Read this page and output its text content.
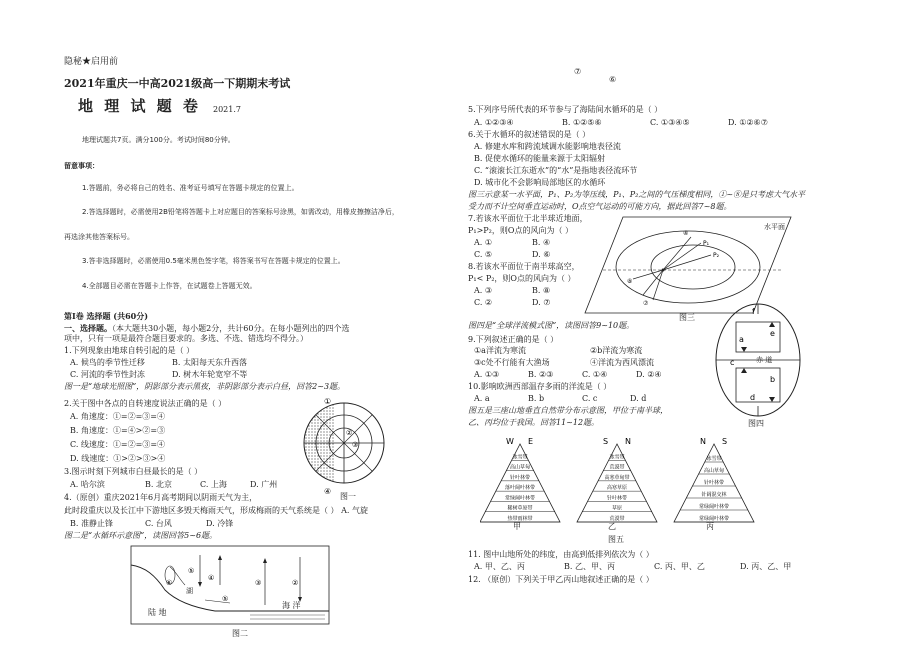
隐秘★启用前
2021年重庆一中高2021级高一下期期末考试
地 理 试 题 卷 2021.7
地理试题共7页。满分100分。考试时间80分钟。
留意事项：
1.答题前，务必将自己的姓名、准考证号填写在答题卡规定的位置上。
2.答选择题时，必需使用2B铅笔将答题卡上对应题目的答案标号涂黑，如需改动，用橡皮擦擦洁净后，
再选涂其他答案标号。
3.答非选择题时，必需使用0.5毫米黑色签字笔，将答案书写在答题卡规定的位置上。
4.全部题目必需在答题卡上作答，在试题卷上答题无效。
第Ⅰ卷 选择题 (共60分)
一、选择题。（本大题共30小题，每小题2分，共计60分。在每小题列出的四个选
项中，只有一项是最符合题目要求的。多选、不选、错选均不得分。）
1.下列现象由地球自转引起的是（ ）
A. 候鸟的季节性迁移	B. 太阳每天东升西落
C. 河流的季节性封冻	D. 树木年轮宽窄不等
图一是“地球光照图”，阴影部分表示黑夜，非阴影部分表示白昼，回答2~3题。
2.关于图中各点的自转速度说法正确的是（ ）
A. 角速度：①=②=③=④
B. 角速度：①=④>②=③
C. 线速度：①=②=③=④
D. 线速度：①>②>③>④
3.图示时刻下列城市白昼最长的是（ ）
A. 哈尔滨	B. 北京	C. 上海	D. 广州
4.（原创）重庆2021年6月高考期间以阴雨天气为主，
此时段重庆以及长江中下游地区多毁天梅雨天气，形成梅雨的天气系统是（ ） A. 气旋
B. 准静止锋	C. 台风	D. 冷锋
图二是“水循环示意图”，读图回答5~6题。
①
②
③
④
图一
⑥
⑤
④
③	②
⑤
湖
陆 地
海 洋
图二
⑦
⑥
5.下列序号所代表的环节参与了海陆间水循环的是（ ）
A. ①②③④	B. ①②⑤⑥	C. ①③④⑤	D. ①②⑥⑦
6.关于水循环的叙述错误的是（ ）
A. 修建水库和跨流域调水能影响地表径流
B. 促使水循环的能量来源于太阳辐射
C. “滚滚长江东逝水”的“水”是指地表径流环节
D. 城市化不会影响局部地区的水循环
图三示意某一水平面，P₁、P₂为等压线，P₁、P₂之间的气压梯度相同，①~⑧是只考虑大气水平
受力而不计空间垂直运动时，O点空气运动的可能方向，据此回答7~8题。
7.若该水平面位于北半球近地面，
P₁>P₂，则O点的风向为（ ）
A. ①	B. ④
C. ⑤	D. ⑥
8.若该水平面位于南半球高空，
P₁< P₂，则O点的风向为（ ）
A. ③	B. ⑧
C. ②	D. ⑦
P₁
P₂
④
⑧
⑦
水平面
图三
图四是“全球洋流模式图”，读图回答9~10题。
9.下列叙述正确的是（ ）
①a洋流为寒流	②b洋流为寒流
③c处不行能有大渔场	④洋流为西风漂流
A. ①③	B. ②③	C. ①④	D. ②④
10.影响欧洲西部温存多雨的洋流是（ ）
A. a	B. b	C. c	D. d
图五是三座山地垂直自然带分布示意图，甲位于南半球，
乙、丙均位于我国。回答11~12题。
f
a
e
b
d
c	赤 道
图四
冰雪带
高山草甸
针叶林带
落叶阔叶林带
常绿阔叶林带
稀树草原带
热带雨林带
W E
冰雪带
荒漠带
高寒草甸带
高寒草原
针叶林带
草原
荒漠带
S N
冰雪带
高山草甸
针叶林带
针阔混交林
常绿阔叶林带
常绿阔叶林带
N S
甲	乙	丙
图五
11. 图中山地所处的纬度，由高到低排列依次为（ ）
A. 甲、乙、丙	B. 乙、甲、丙	C. 丙、甲、乙	D. 丙、乙、甲
12. （原创）下列关于甲乙丙山地叙述正确的是（ ）
